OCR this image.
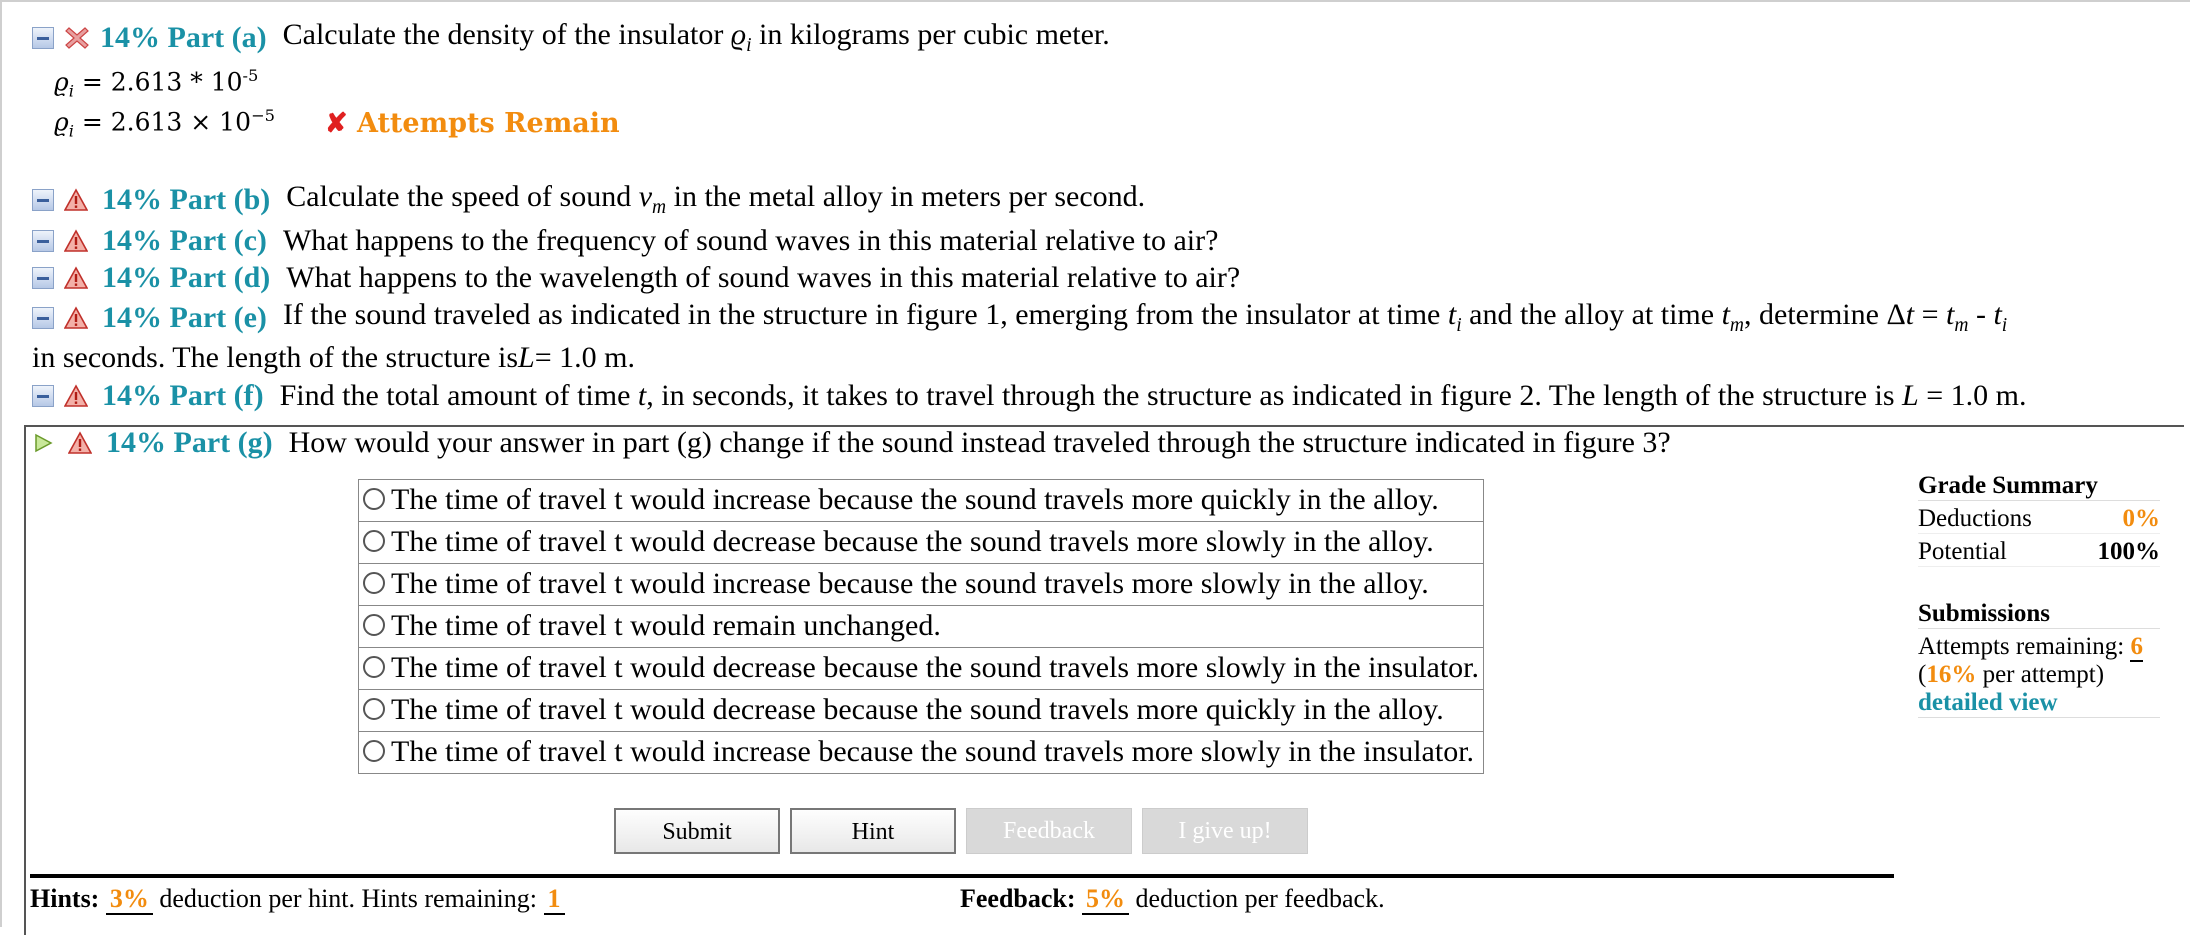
14% Part (a) Calculate the density of the insulator $ϱ_i$ in kilograms per cubic meter.
$ϱ_i = 2.613 * 10^{-5}$
$ϱ_i = 2.613 \times 10^{-5}$ ✘ Attempts Remain
14% Part (b) Calculate the speed of sound $v_m$ in the metal alloy in meters per second.
14% Part (c) What happens to the frequency of sound waves in this material relative to air?
14% Part (d) What happens to the wavelength of sound waves in this material relative to air?
14% Part (e) If the sound traveled as indicated in the structure in figure 1, emerging from the insulator at time $t_i$ and the alloy at time $t_m$, determine $\Delta t = t_m - t_i$
in seconds. The length of the structure is L = 1.0 m.
14% Part (f) Find the total amount of time t, in seconds, it takes to travel through the structure as indicated in figure 2. The length of the structure is L = 1.0 m.
14% Part (g) How would your answer in part (g) change if the sound instead traveled through the structure indicated in figure 3?
The time of travel t would increase because the sound travels more quickly in the alloy.
The time of travel t would decrease because the sound travels more slowly in the alloy.
The time of travel t would increase because the sound travels more slowly in the alloy.
The time of travel t would remain unchanged.
The time of travel t would decrease because the sound travels more slowly in the insulator.
The time of travel t would decrease because the sound travels more quickly in the alloy.
The time of travel t would increase because the sound travels more slowly in the insulator.
Submit	Hint	Feedback	I give up!
Grade Summary
Deductions	0%
Potential	100%
Submissions
Attempts remaining: 6
(16% per attempt)
detailed view
Hints: 3% deduction per hint. Hints remaining: 1	Feedback: 5% deduction per feedback.
